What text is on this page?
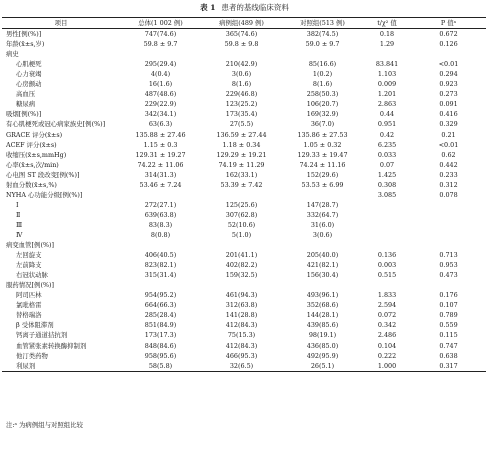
表 1 患者的基线临床资料
项目	总体(1 002 例)	病例组(489 例)	对照组(513 例)	t/χ² 值	P 值ᵃ
男性[例(%)]	747(74.6)	365(74.6)	382(74.5)	0.18	0.672
年龄(x̄±s,岁)	59.8 ± 9.7	59.8 ± 9.8	59.0 ± 9.7	1.29	0.126
病史					
心肌梗死	295(29.4)	210(42.9)	85(16.6)	83.841	<0.01
心力衰竭	4(0.4)	3(0.6)	1(0.2)	1.103	0.294
心房颤动	16(1.6)	8(1.6)	8(1.6)	0.009	0.923
高血压	487(48.6)	229(46.8)	258(50.3)	1.201	0.273
糖尿病	229(22.9)	123(25.2)	106(20.7)	2.863	0.091
吸烟[例(%)]	342(34.1)	173(35.4)	169(32.9)	0.44	0.416
有心肌梗死或冠心病家族史[例(%)]	63(6.3)	27(5.5)	36(7.0)	0.951	0.329
GRACE 评分(x̄±s)	135.88 ± 27.46	136.59 ± 27.44	135.86 ± 27.53	0.42	0.21
ACEF 评分(x̄±s)	1.15 ± 0.3	1.18 ± 0.34	1.05 ± 0.32	6.235	<0.01
收缩压(x̄±s,mmHg)	129.31 ± 19.27	129.29 ± 19.21	129.33 ± 19.47	0.033	0.62
心率(x̄±s,次/min)	74.22 ± 11.06	74.19 ± 11.29	74.24 ± 11.16	0.07	0.442
心电图 ST 段改变[例(%)]	314(31.3)	162(33.1)	152(29.6)	1.425	0.233
射血分数(x̄±s,%)	53.46 ± 7.24	53.39 ± 7.42	53.53 ± 6.99	0.308	0.312
NYHA 心功能分级[例(%)]				3.085	0.078
Ⅰ	272(27.1)	125(25.6)	147(28.7)		
Ⅱ	639(63.8)	307(62.8)	332(64.7)		
Ⅲ	83(8.3)	52(10.6)	31(6.0)		
Ⅳ	8(0.8)	5(1.0)	3(0.6)		
病变血管[例(%)]					
左回旋支	406(40.5)	201(41.1)	205(40.0)	0.136	0.713
左前降支	823(82.1)	402(82.2)	421(82.1)	0.003	0.953
右冠状动脉	315(31.4)	159(32.5)	156(30.4)	0.515	0.473
服药情况[例(%)]					
阿司匹林	954(95.2)	461(94.3)	493(96.1)	1.833	0.176
氯吡格雷	664(66.3)	312(63.8)	352(68.6)	2.594	0.107
替格瑞洛	285(28.4)	141(28.8)	144(28.1)	0.072	0.789
β 受体阻滞剂	851(84.9)	412(84.3)	439(85.6)	0.342	0.559
钙离子通道拮抗剂	173(17.3)	75(15.3)	98(19.1)	2.486	0.115
血管紧张素转换酶抑制剂	848(84.6)	412(84.3)	436(85.0)	0.104	0.747
他汀类药物	958(95.6)	466(95.3)	492(95.9)	0.222	0.638
利尿剂	58(5.8)	32(6.5)	26(5.1)	1.000	0.317
注:ᵃ 为病例组与对照组比较
